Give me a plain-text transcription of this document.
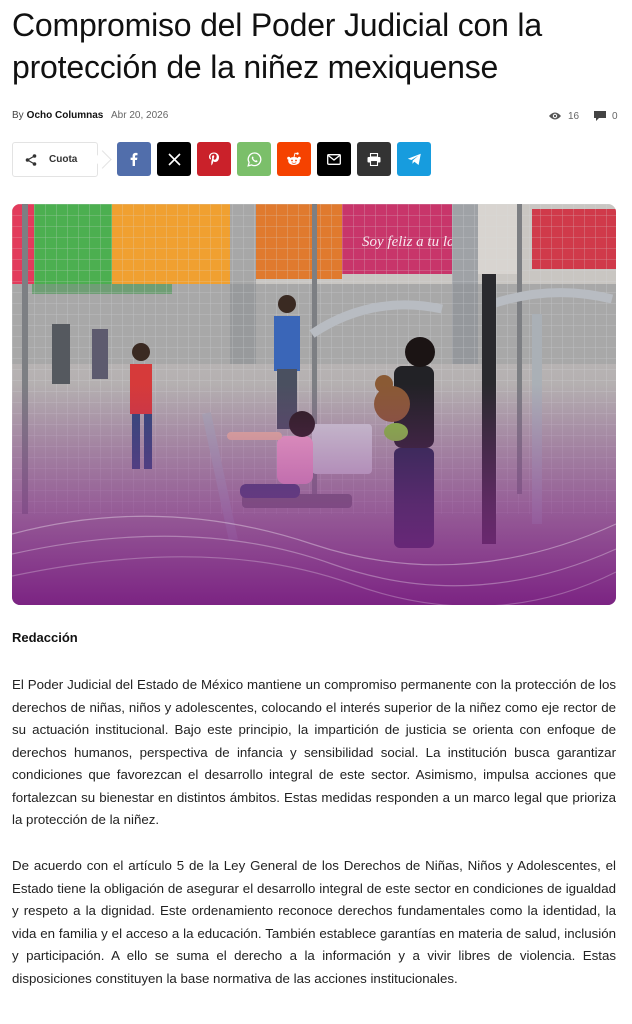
Compromiso del Poder Judicial con la protección de la niñez mexiquense
By Ocho Columnas Abr 20, 2026	16	0
Cuota

Redacción

El Poder Judicial del Estado de México mantiene un compromiso permanente con la protección de los derechos de niñas, niños y adolescentes, colocando el interés superior de la niñez como eje rector de su actuación institucional. Bajo este principio, la impartición de justicia se orienta con enfoque de derechos humanos, perspectiva de infancia y sensibilidad social. La institución busca garantizar condiciones que favorezcan el desarrollo integral de este sector. Asimismo, impulsa acciones que fortalezcan su bienestar en distintos ámbitos. Estas medidas responden a un marco legal que prioriza la protección de la niñez.

De acuerdo con el artículo 5 de la Ley General de los Derechos de Niñas, Niños y Adolescentes, el Estado tiene la obligación de asegurar el desarrollo integral de este sector en condiciones de igualdad y respeto a la dignidad. Este ordenamiento reconoce derechos fundamentales como la identidad, la vida en familia y el acceso a la educación. También establece garantías en materia de salud, inclusión y participación. A ello se suma el derecho a la información y a vivir libres de violencia. Estas disposiciones constituyen la base normativa de las acciones institucionales.
